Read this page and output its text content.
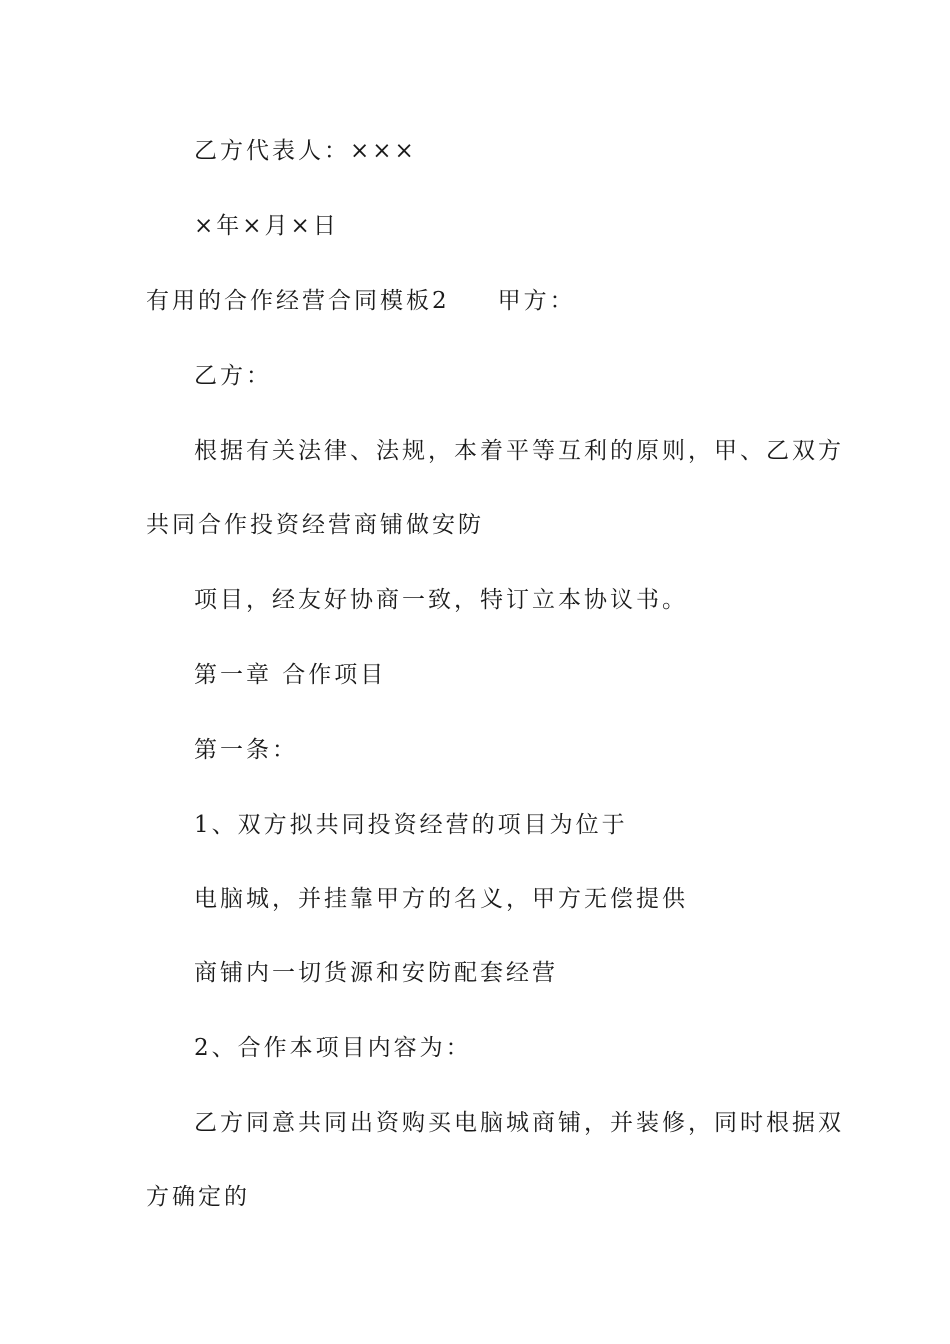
乙方代表人：×××
×年×月×日
有用的合作经营合同模板2 甲方：
乙方：
根据有关法律、法规，本着平等互利的原则，甲、乙双方
共同合作投资经营商铺做安防
项目，经友好协商一致，特订立本协议书。
第一章 合作项目
第一条：
1、双方拟共同投资经营的项目为位于
电脑城，并挂靠甲方的名义，甲方无偿提供
商铺内一切货源和安防配套经营
2、合作本项目内容为：
乙方同意共同出资购买电脑城商铺，并装修，同时根据双
方确定的
